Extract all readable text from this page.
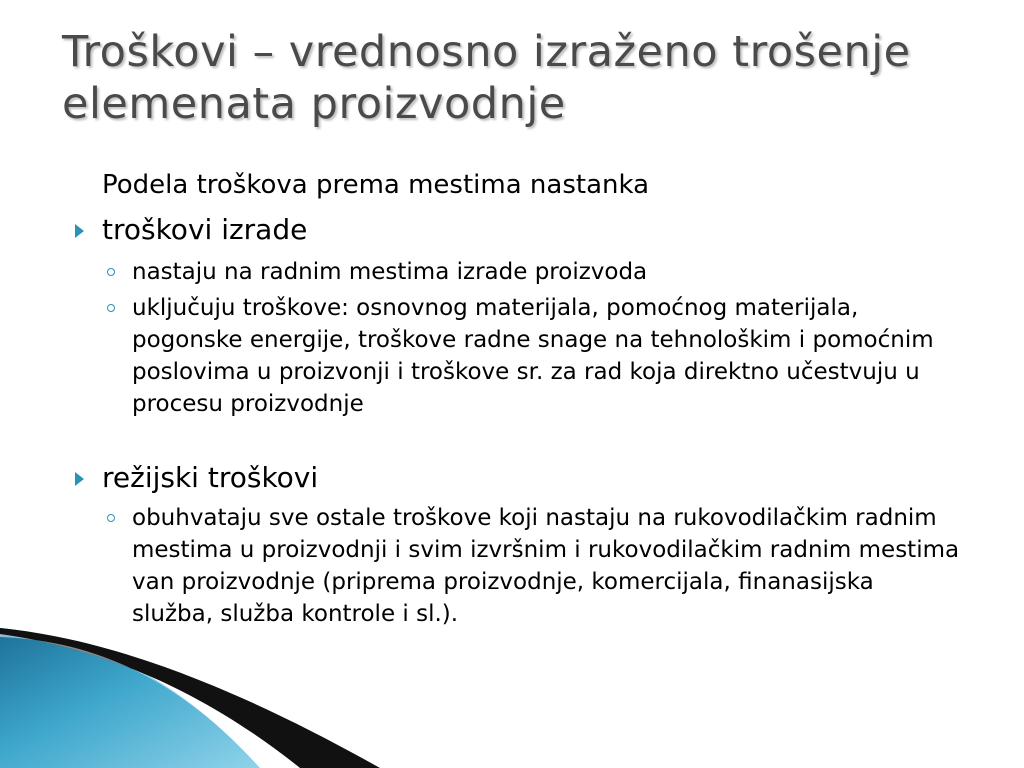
Troškovi – vrednosno izraženo trošenje elemenata proizvodnje
Podela troškova prema mestima nastanka
troškovi izrade
nastaju na radnim mestima izrade proizvoda
uključuju troškove: osnovnog materijala, pomoćnog materijala, pogonske energije, troškove radne snage na tehnološkim i pomoćnim poslovima u proizvonji i troškove sr. za rad koja direktno učestvuju u procesu proizvodnje
režijski troškovi
obuhvataju sve ostale troškove koji nastaju na rukovodilačkim radnim mestima u proizvodnji i svim izvršnim i rukovodilačkim radnim mestima van proizvodnje (priprema proizvodnje, komercijala, finanasijska služba, služba kontrole i sl.).
